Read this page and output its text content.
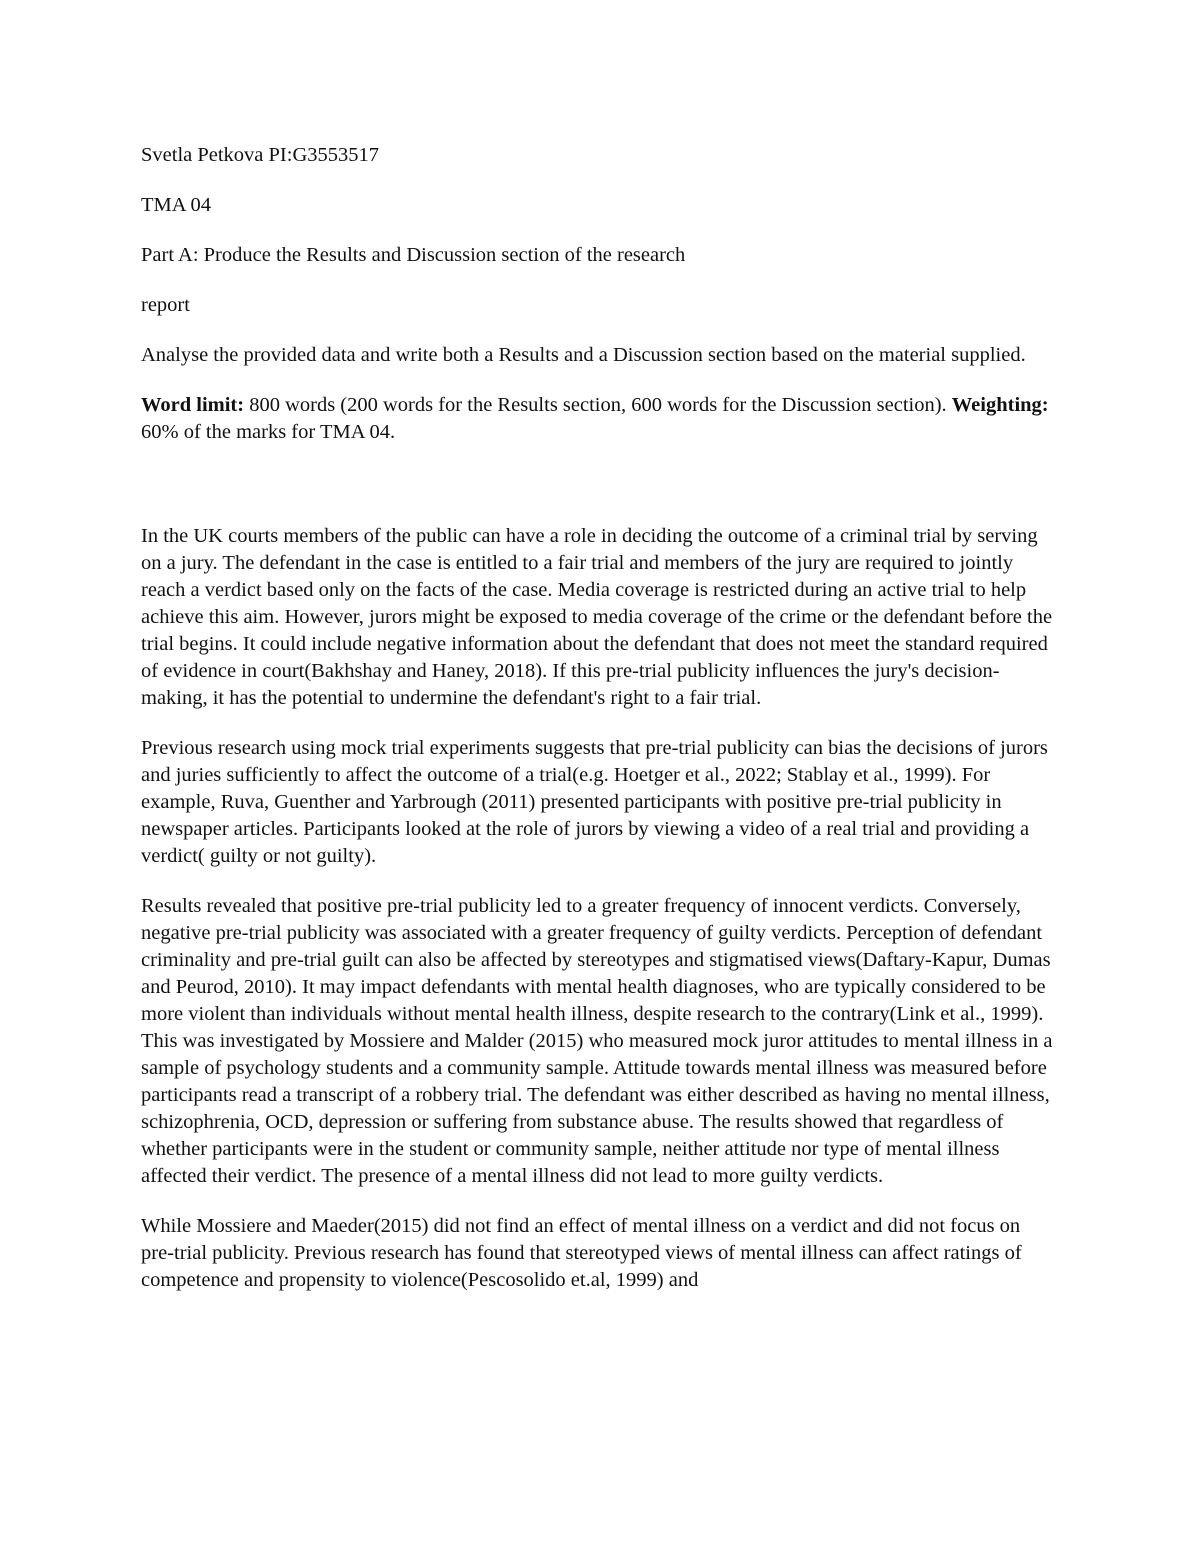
Svetla Petkova PI:G3553517

TMA 04

Part A: Produce the Results and Discussion section of the research

report

Analyse the provided data and write both a Results and a Discussion section based on the material supplied.

Word limit: 800 words (200 words for the Results section, 600 words for the Discussion section). Weighting: 60% of the marks for TMA 04.

In the UK courts members of the public can have a role in deciding the outcome of a criminal trial by serving on a jury. The defendant in the case is entitled to a fair trial and members of the jury are required to jointly reach a verdict based only on the facts of the case. Media coverage is restricted during an active trial to help achieve this aim. However, jurors might be exposed to media coverage of the crime or the defendant before the trial begins. It could include negative information about the defendant that does not meet the standard required of evidence in court(Bakhshay and Haney, 2018). If this pre-trial publicity influences the jury's decision-making, it has the potential to undermine the defendant's right to a fair trial.

Previous research using mock trial experiments suggests that pre-trial publicity can bias the decisions of jurors and juries sufficiently to affect the outcome of a trial(e.g. Hoetger et al., 2022; Stablay et al., 1999). For example, Ruva, Guenther and Yarbrough (2011) presented participants with positive pre-trial publicity in newspaper articles. Participants looked at the role of jurors by viewing a video of a real trial and providing a verdict( guilty or not guilty).

Results revealed that positive pre-trial publicity led to a greater frequency of innocent verdicts. Conversely, negative pre-trial publicity was associated with a greater frequency of guilty verdicts. Perception of defendant criminality and pre-trial guilt can also be affected by stereotypes and stigmatised views(Daftary-Kapur, Dumas and Peurod, 2010). It may impact defendants with mental health diagnoses, who are typically considered to be more violent than individuals without mental health illness, despite research to the contrary(Link et al., 1999). This was investigated by Mossiere and Malder (2015) who measured mock juror attitudes to mental illness in a sample of psychology students and a community sample. Attitude towards mental illness was measured before participants read a transcript of a robbery trial. The defendant was either described as having no mental illness, schizophrenia, OCD, depression or suffering from substance abuse. The results showed that regardless of whether participants were in the student or community sample, neither attitude nor type of mental illness affected their verdict. The presence of a mental illness did not lead to more guilty verdicts.

While Mossiere and Maeder(2015) did not find an effect of mental illness on a verdict and did not focus on pre-trial publicity. Previous research has found that stereotyped views of mental illness can affect ratings of competence and propensity to violence(Pescosolido et.al, 1999) and
